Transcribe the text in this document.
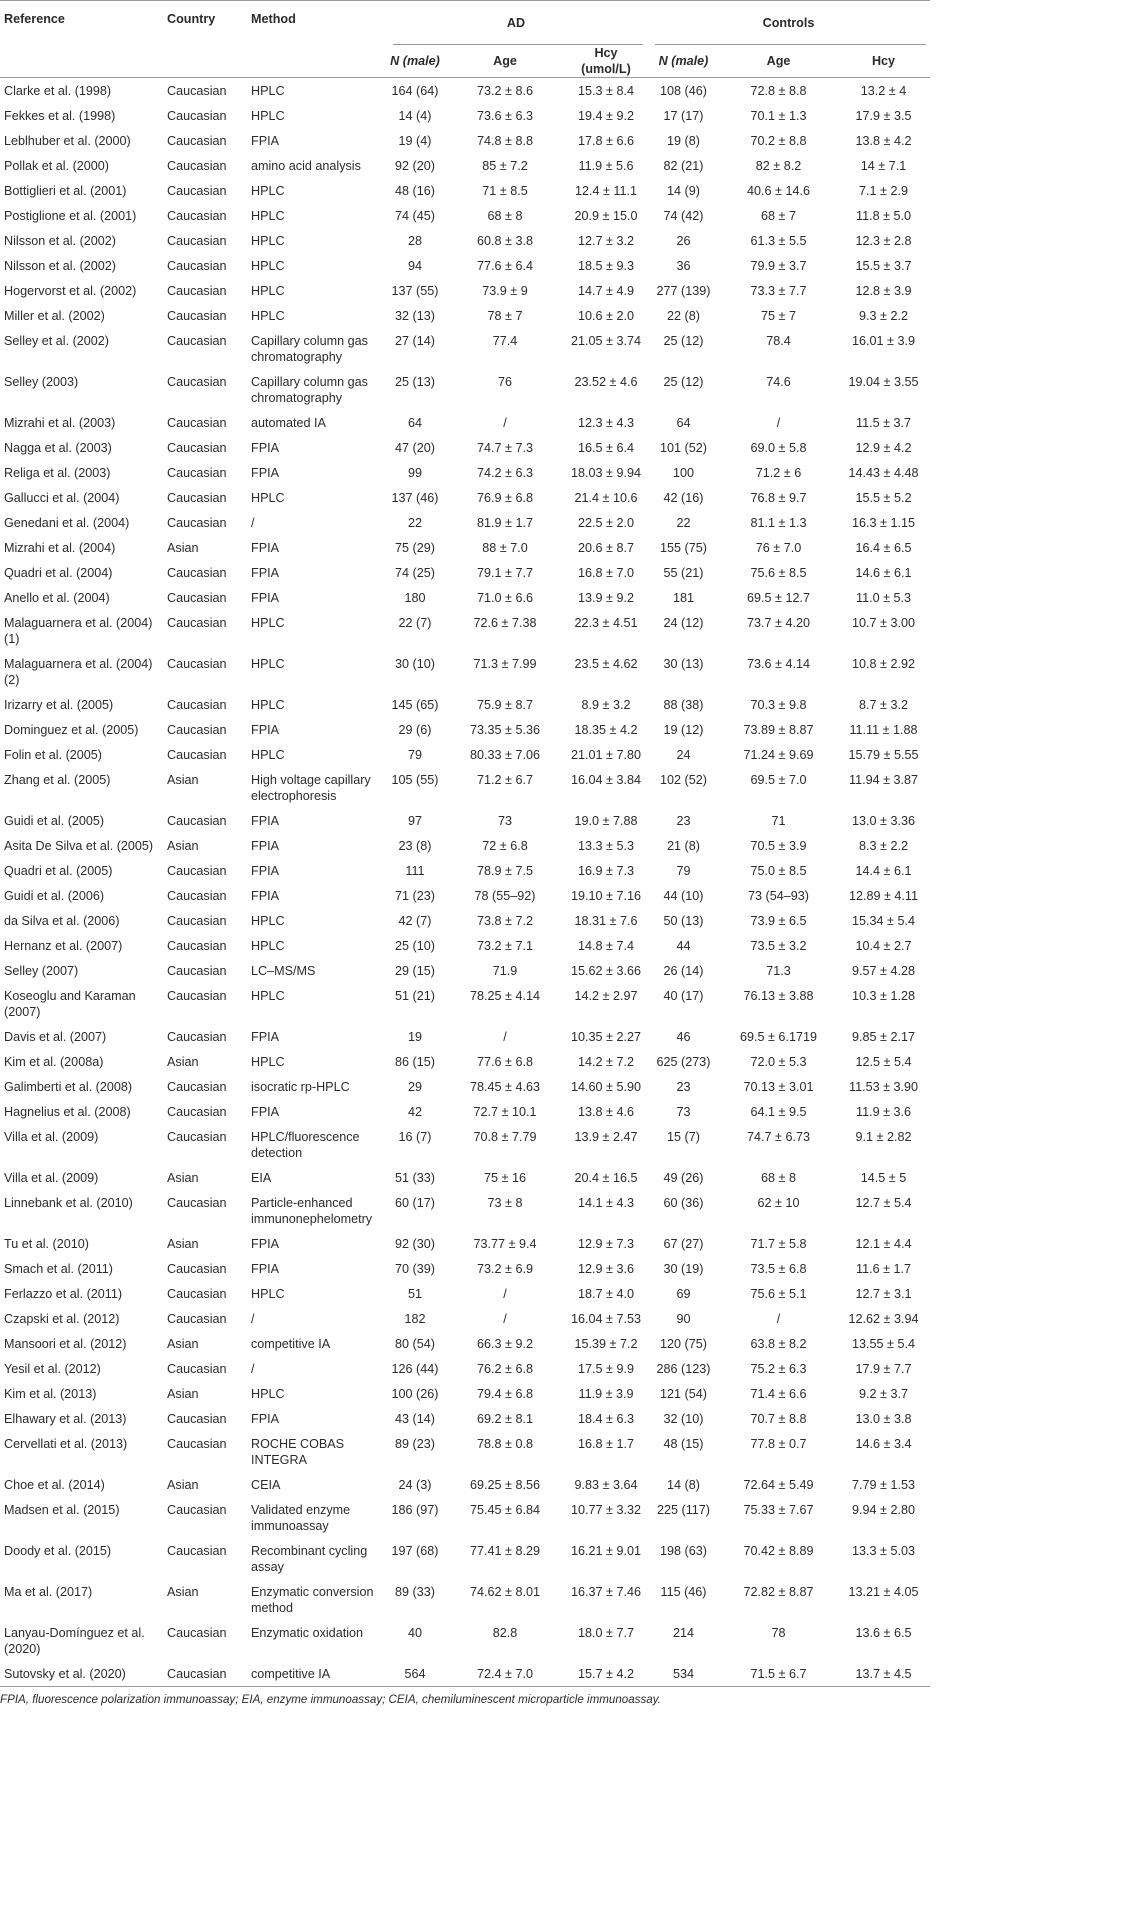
Reference	Country	Method	AD			Controls		
			N (male)	Age	Hcy (umol/L)	N (male)	Age	Hcy
Clarke et al. (1998)	Caucasian	HPLC	164 (64)	73.2 ± 8.6	15.3 ± 8.4	108 (46)	72.8 ± 8.8	13.2 ± 4
Fekkes et al. (1998)	Caucasian	HPLC	14 (4)	73.6 ± 6.3	19.4 ± 9.2	17 (17)	70.1 ± 1.3	17.9 ± 3.5
Leblhuber et al. (2000)	Caucasian	FPIA	19 (4)	74.8 ± 8.8	17.8 ± 6.6	19 (8)	70.2 ± 8.8	13.8 ± 4.2
Pollak et al. (2000)	Caucasian	amino acid analysis	92 (20)	85 ± 7.2	11.9 ± 5.6	82 (21)	82 ± 8.2	14 ± 7.1
Bottiglieri et al. (2001)	Caucasian	HPLC	48 (16)	71 ± 8.5	12.4 ± 11.1	14 (9)	40.6 ± 14.6	7.1 ± 2.9
Postiglione et al. (2001)	Caucasian	HPLC	74 (45)	68 ± 8	20.9 ± 15.0	74 (42)	68 ± 7	11.8 ± 5.0
Nilsson et al. (2002)	Caucasian	HPLC	28	60.8 ± 3.8	12.7 ± 3.2	26	61.3 ± 5.5	12.3 ± 2.8
Nilsson et al. (2002)	Caucasian	HPLC	94	77.6 ± 6.4	18.5 ± 9.3	36	79.9 ± 3.7	15.5 ± 3.7
Hogervorst et al. (2002)	Caucasian	HPLC	137 (55)	73.9 ± 9	14.7 ± 4.9	277 (139)	73.3 ± 7.7	12.8 ± 3.9
Miller et al. (2002)	Caucasian	HPLC	32 (13)	78 ± 7	10.6 ± 2.0	22 (8)	75 ± 7	9.3 ± 2.2
Selley et al. (2002)	Caucasian	Capillary column gas chromatography	27 (14)	77.4	21.05 ± 3.74	25 (12)	78.4	16.01 ± 3.9
Selley (2003)	Caucasian	Capillary column gas chromatography	25 (13)	76	23.52 ± 4.6	25 (12)	74.6	19.04 ± 3.55
Mizrahi et al. (2003)	Caucasian	automated IA	64	/	12.3 ± 4.3	64	/	11.5 ± 3.7
Nagga et al. (2003)	Caucasian	FPIA	47 (20)	74.7 ± 7.3	16.5 ± 6.4	101 (52)	69.0 ± 5.8	12.9 ± 4.2
Religa et al. (2003)	Caucasian	FPIA	99	74.2 ± 6.3	18.03 ± 9.94	100	71.2 ± 6	14.43 ± 4.48
Gallucci et al. (2004)	Caucasian	HPLC	137 (46)	76.9 ± 6.8	21.4 ± 10.6	42 (16)	76.8 ± 9.7	15.5 ± 5.2
Genedani et al. (2004)	Caucasian	/	22	81.9 ± 1.7	22.5 ± 2.0	22	81.1 ± 1.3	16.3 ± 1.15
Mizrahi et al. (2004)	Asian	FPIA	75 (29)	88 ± 7.0	20.6 ± 8.7	155 (75)	76 ± 7.0	16.4 ± 6.5
Quadri et al. (2004)	Caucasian	FPIA	74 (25)	79.1 ± 7.7	16.8 ± 7.0	55 (21)	75.6 ± 8.5	14.6 ± 6.1
Anello et al. (2004)	Caucasian	FPIA	180	71.0 ± 6.6	13.9 ± 9.2	181	69.5 ± 12.7	11.0 ± 5.3
Malaguarnera et al. (2004)(1)	Caucasian	HPLC	22 (7)	72.6 ± 7.38	22.3 ± 4.51	24 (12)	73.7 ± 4.20	10.7 ± 3.00
Malaguarnera et al. (2004)(2)	Caucasian	HPLC	30 (10)	71.3 ± 7.99	23.5 ± 4.62	30 (13)	73.6 ± 4.14	10.8 ± 2.92
Irizarry et al. (2005)	Caucasian	HPLC	145 (65)	75.9 ± 8.7	8.9 ± 3.2	88 (38)	70.3 ± 9.8	8.7 ± 3.2
Dominguez et al. (2005)	Caucasian	FPIA	29 (6)	73.35 ± 5.36	18.35 ± 4.2	19 (12)	73.89 ± 8.87	11.11 ± 1.88
Folin et al. (2005)	Caucasian	HPLC	79	80.33 ± 7.06	21.01 ± 7.80	24	71.24 ± 9.69	15.79 ± 5.55
Zhang et al. (2005)	Asian	High voltage capillary electrophoresis	105 (55)	71.2 ± 6.7	16.04 ± 3.84	102 (52)	69.5 ± 7.0	11.94 ± 3.87
Guidi et al. (2005)	Caucasian	FPIA	97	73	19.0 ± 7.88	23	71	13.0 ± 3.36
Asita De Silva et al. (2005)	Asian	FPIA	23 (8)	72 ± 6.8	13.3 ± 5.3	21 (8)	70.5 ± 3.9	8.3 ± 2.2
Quadri et al. (2005)	Caucasian	FPIA	111	78.9 ± 7.5	16.9 ± 7.3	79	75.0 ± 8.5	14.4 ± 6.1
Guidi et al. (2006)	Caucasian	FPIA	71 (23)	78 (55–92)	19.10 ± 7.16	44 (10)	73 (54–93)	12.89 ± 4.11
da Silva et al. (2006)	Caucasian	HPLC	42 (7)	73.8 ± 7.2	18.31 ± 7.6	50 (13)	73.9 ± 6.5	15.34 ± 5.4
Hernanz et al. (2007)	Caucasian	HPLC	25 (10)	73.2 ± 7.1	14.8 ± 7.4	44	73.5 ± 3.2	10.4 ± 2.7
Selley (2007)	Caucasian	LC–MS/MS	29 (15)	71.9	15.62 ± 3.66	26 (14)	71.3	9.57 ± 4.28
Koseoglu and Karaman (2007)	Caucasian	HPLC	51 (21)	78.25 ± 4.14	14.2 ± 2.97	40 (17)	76.13 ± 3.88	10.3 ± 1.28
Davis et al. (2007)	Caucasian	FPIA	19	/	10.35 ± 2.27	46	69.5 ± 6.1719	9.85 ± 2.17
Kim et al. (2008a)	Asian	HPLC	86 (15)	77.6 ± 6.8	14.2 ± 7.2	625 (273)	72.0 ± 5.3	12.5 ± 5.4
Galimberti et al. (2008)	Caucasian	isocratic rp-HPLC	29	78.45 ± 4.63	14.60 ± 5.90	23	70.13 ± 3.01	11.53 ± 3.90
Hagnelius et al. (2008)	Caucasian	FPIA	42	72.7 ± 10.1	13.8 ± 4.6	73	64.1 ± 9.5	11.9 ± 3.6
Villa et al. (2009)	Caucasian	HPLC/fluorescence detection	16 (7)	70.8 ± 7.79	13.9 ± 2.47	15 (7)	74.7 ± 6.73	9.1 ± 2.82
Villa et al. (2009)	Asian	EIA	51 (33)	75 ± 16	20.4 ± 16.5	49 (26)	68 ± 8	14.5 ± 5
Linnebank et al. (2010)	Caucasian	Particle-enhanced immunonephelometry	60 (17)	73 ± 8	14.1 ± 4.3	60 (36)	62 ± 10	12.7 ± 5.4
Tu et al. (2010)	Asian	FPIA	92 (30)	73.77 ± 9.4	12.9 ± 7.3	67 (27)	71.7 ± 5.8	12.1 ± 4.4
Smach et al. (2011)	Caucasian	FPIA	70 (39)	73.2 ± 6.9	12.9 ± 3.6	30 (19)	73.5 ± 6.8	11.6 ± 1.7
Ferlazzo et al. (2011)	Caucasian	HPLC	51	/	18.7 ± 4.0	69	75.6 ± 5.1	12.7 ± 3.1
Czapski et al. (2012)	Caucasian	/	182	/	16.04 ± 7.53	90	/	12.62 ± 3.94
Mansoori et al. (2012)	Asian	competitive IA	80 (54)	66.3 ± 9.2	15.39 ± 7.2	120 (75)	63.8 ± 8.2	13.55 ± 5.4
Yesil et al. (2012)	Caucasian	/	126 (44)	76.2 ± 6.8	17.5 ± 9.9	286 (123)	75.2 ± 6.3	17.9 ± 7.7
Kim et al. (2013)	Asian	HPLC	100 (26)	79.4 ± 6.8	11.9 ± 3.9	121 (54)	71.4 ± 6.6	9.2 ± 3.7
Elhawary et al. (2013)	Caucasian	FPIA	43 (14)	69.2 ± 8.1	18.4 ± 6.3	32 (10)	70.7 ± 8.8	13.0 ± 3.8
Cervellati et al. (2013)	Caucasian	ROCHE COBAS INTEGRA	89 (23)	78.8 ± 0.8	16.8 ± 1.7	48 (15)	77.8 ± 0.7	14.6 ± 3.4
Choe et al. (2014)	Asian	CEIA	24 (3)	69.25 ± 8.56	9.83 ± 3.64	14 (8)	72.64 ± 5.49	7.79 ± 1.53
Madsen et al. (2015)	Caucasian	Validated enzyme immunoassay	186 (97)	75.45 ± 6.84	10.77 ± 3.32	225 (117)	75.33 ± 7.67	9.94 ± 2.80
Doody et al. (2015)	Caucasian	Recombinant cycling assay	197 (68)	77.41 ± 8.29	16.21 ± 9.01	198 (63)	70.42 ± 8.89	13.3 ± 5.03
Ma et al. (2017)	Asian	Enzymatic conversion method	89 (33)	74.62 ± 8.01	16.37 ± 7.46	115 (46)	72.82 ± 8.87	13.21 ± 4.05
Lanyau-Domínguez et al. (2020)	Caucasian	Enzymatic oxidation	40	82.8	18.0 ± 7.7	214	78	13.6 ± 6.5
Sutovsky et al. (2020)	Caucasian	competitive IA	564	72.4 ± 7.0	15.7 ± 4.2	534	71.5 ± 6.7	13.7 ± 4.5
FPIA, fluorescence polarization immunoassay; EIA, enzyme immunoassay; CEIA, chemiluminescent microparticle immunoassay.
